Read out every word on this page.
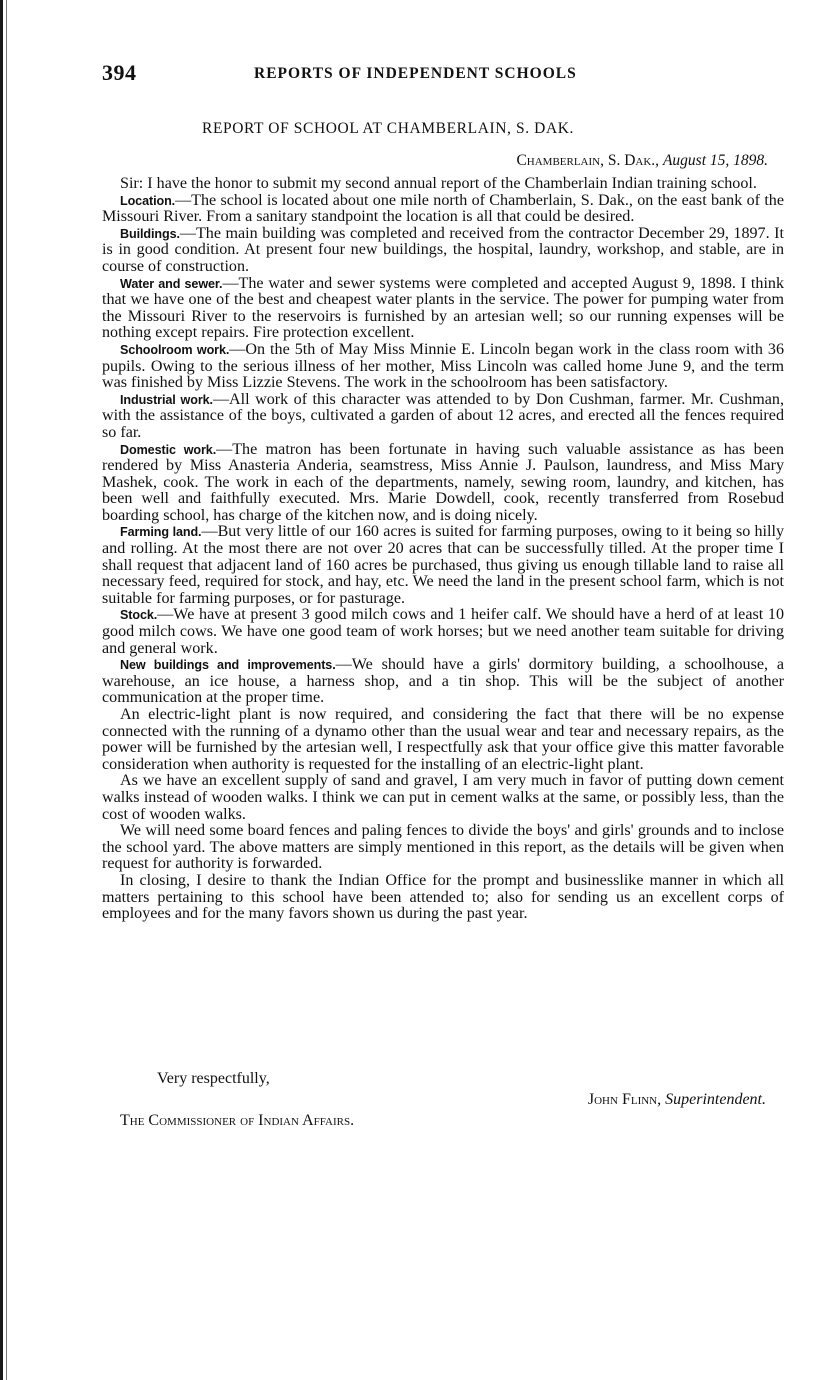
394	REPORTS OF INDEPENDENT SCHOOLS
REPORT OF SCHOOL AT CHAMBERLAIN, S. DAK.
Chamberlain, S. Dak., August 15, 1898.

Sir: I have the honor to submit my second annual report of the Chamberlain Indian training school.

Location.—The school is located about one mile north of Chamberlain, S. Dak., on the east bank of the Missouri River. From a sanitary standpoint the location is all that could be desired.

Buildings.—The main building was completed and received from the contractor December 29, 1897. It is in good condition. At present four new buildings, the hospital, laundry, workshop, and stable, are in course of construction.

Water and sewer.—The water and sewer systems were completed and accepted August 9, 1898. I think that we have one of the best and cheapest water plants in the service. The power for pumping water from the Missouri River to the reservoirs is furnished by an artesian well; so our running expenses will be nothing except repairs. Fire protection excellent.

Schoolroom work.—On the 5th of May Miss Minnie E. Lincoln began work in the class room with 36 pupils. Owing to the serious illness of her mother, Miss Lincoln was called home June 9, and the term was finished by Miss Lizzie Stevens. The work in the schoolroom has been satisfactory.

Industrial work.—All work of this character was attended to by Don Cushman, farmer. Mr. Cushman, with the assistance of the boys, cultivated a garden of about 12 acres, and erected all the fences required so far.

Domestic work.—The matron has been fortunate in having such valuable assistance as has been rendered by Miss Anasteria Anderia, seamstress, Miss Annie J. Paulson, laundress, and Miss Mary Mashek, cook. The work in each of the departments, namely, sewing room, laundry, and kitchen, has been well and faithfully executed. Mrs. Marie Dowdell, cook, recently transferred from Rosebud boarding school, has charge of the kitchen now, and is doing nicely.

Farming land.—But very little of our 160 acres is suited for farming purposes, owing to it being so hilly and rolling. At the most there are not over 20 acres that can be successfully tilled. At the proper time I shall request that adjacent land of 160 acres be purchased, thus giving us enough tillable land to raise all necessary feed, required for stock, and hay, etc. We need the land in the present school farm, which is not suitable for farming purposes, or for pasturage.

Stock.—We have at present 3 good milch cows and 1 heifer calf. We should have a herd of at least 10 good milch cows. We have one good team of work horses; but we need another team suitable for driving and general work.

New buildings and improvements.—We should have a girls' dormitory building, a schoolhouse, a warehouse, an ice house, a harness shop, and a tin shop. This will be the subject of another communication at the proper time.

An electric-light plant is now required, and considering the fact that there will be no expense connected with the running of a dynamo other than the usual wear and tear and necessary repairs, as the power will be furnished by the artesian well, I respectfully ask that your office give this matter favorable consideration when authority is requested for the installing of an electric-light plant.

As we have an excellent supply of sand and gravel, I am very much in favor of putting down cement walks instead of wooden walks. I think we can put in cement walks at the same, or possibly less, than the cost of wooden walks.

We will need some board fences and paling fences to divide the boys' and girls' grounds and to inclose the school yard. The above matters are simply mentioned in this report, as the details will be given when request for authority is forwarded.

In closing, I desire to thank the Indian Office for the prompt and businesslike manner in which all matters pertaining to this school have been attended to; also for sending us an excellent corps of employees and for the many favors shown us during the past year.

Very respectfully,
John Flinn, Superintendent.
The Commissioner of Indian Affairs.
